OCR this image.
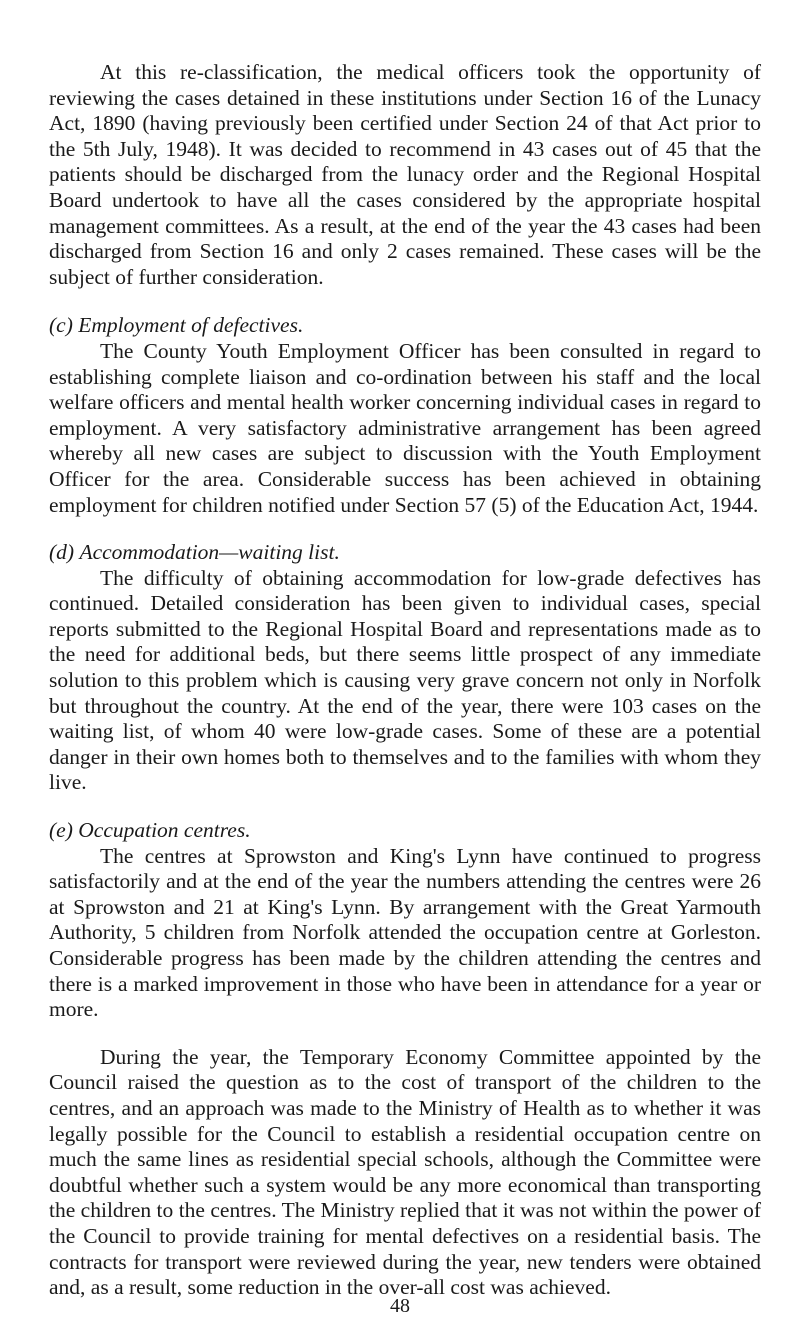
At this re-classification, the medical officers took the opportunity of reviewing the cases detained in these institutions under Section 16 of the Lunacy Act, 1890 (having previously been certified under Section 24 of that Act prior to the 5th July, 1948). It was decided to recommend in 43 cases out of 45 that the patients should be discharged from the lunacy order and the Regional Hospital Board undertook to have all the cases considered by the appropriate hospital management committees. As a result, at the end of the year the 43 cases had been discharged from Section 16 and only 2 cases remained. These cases will be the subject of further consideration.

(c) Employment of defectives.

The County Youth Employment Officer has been consulted in regard to establishing complete liaison and co-ordination between his staff and the local welfare officers and mental health worker concerning individual cases in regard to employment. A very satisfactory administrative arrangement has been agreed whereby all new cases are subject to discussion with the Youth Employment Officer for the area. Considerable success has been achieved in obtaining employment for children notified under Section 57 (5) of the Education Act, 1944.

(d) Accommodation—waiting list.

The difficulty of obtaining accommodation for low-grade defectives has continued. Detailed consideration has been given to individual cases, special reports submitted to the Regional Hospital Board and representations made as to the need for additional beds, but there seems little prospect of any immediate solution to this problem which is causing very grave concern not only in Norfolk but throughout the country. At the end of the year, there were 103 cases on the waiting list, of whom 40 were low-grade cases. Some of these are a potential danger in their own homes both to themselves and to the families with whom they live.

(e) Occupation centres.

The centres at Sprowston and King's Lynn have continued to progress satisfactorily and at the end of the year the numbers attending the centres were 26 at Sprowston and 21 at King's Lynn. By arrangement with the Great Yarmouth Authority, 5 children from Norfolk attended the occupation centre at Gorleston. Considerable progress has been made by the children attending the centres and there is a marked improvement in those who have been in attendance for a year or more.

During the year, the Temporary Economy Committee appointed by the Council raised the question as to the cost of transport of the children to the centres, and an approach was made to the Ministry of Health as to whether it was legally possible for the Council to establish a residential occupation centre on much the same lines as residential special schools, although the Committee were doubtful whether such a system would be any more economical than transporting the children to the centres. The Ministry replied that it was not within the power of the Council to provide training for mental defectives on a residential basis. The contracts for transport were reviewed during the year, new tenders were obtained and, as a result, some reduction in the over-all cost was achieved.

48
